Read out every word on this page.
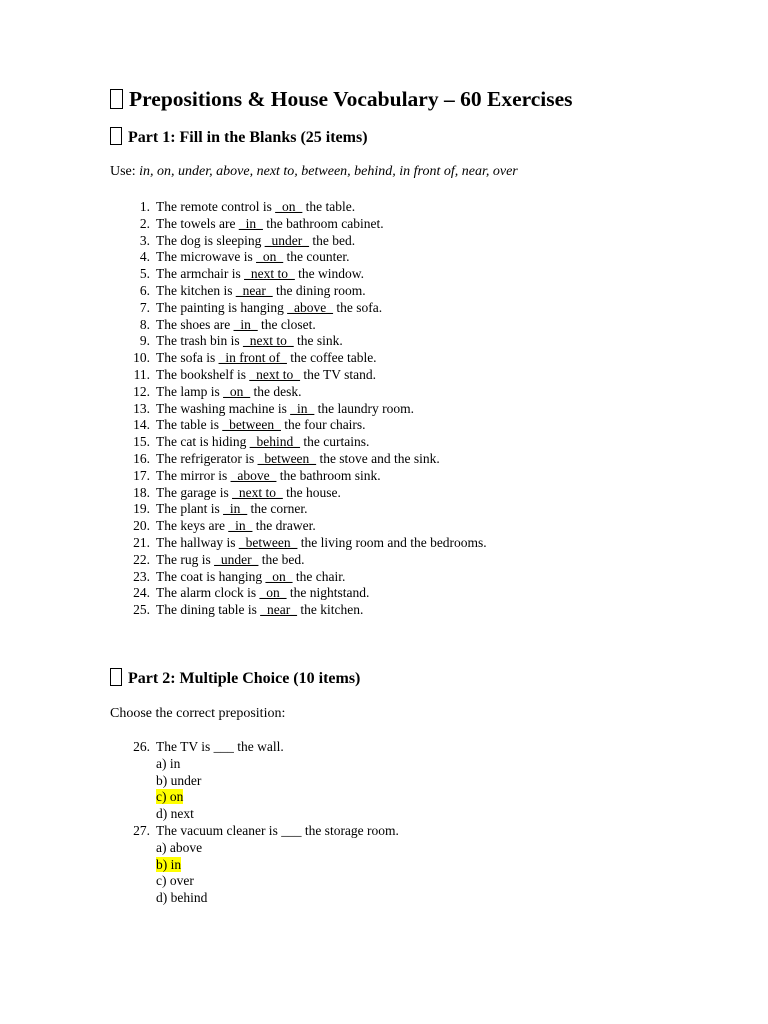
Prepositions & House Vocabulary – 60 Exercises
Part 1: Fill in the Blanks (25 items)

Use: in, on, under, above, next to, between, behind, in front of, near, over

1. The remote control is _on_ the table.
2. The towels are _in_ the bathroom cabinet.
3. The dog is sleeping _under_ the bed.
4. The microwave is _on_ the counter.
5. The armchair is _next to_ the window.
6. The kitchen is _near_ the dining room.
7. The painting is hanging _above_ the sofa.
8. The shoes are _in_ the closet.
9. The trash bin is _next to_ the sink.
10. The sofa is _in front of_ the coffee table.
11. The bookshelf is _next to_ the TV stand.
12. The lamp is _on_ the desk.
13. The washing machine is _in_ the laundry room.
14. The table is _between_ the four chairs.
15. The cat is hiding _behind_ the curtains.
16. The refrigerator is _between_ the stove and the sink.
17. The mirror is _above_ the bathroom sink.
18. The garage is _next to_ the house.
19. The plant is _in_ the corner.
20. The keys are _in_ the drawer.
21. The hallway is _between_ the living room and the bedrooms.
22. The rug is _under_ the bed.
23. The coat is hanging _on_ the chair.
24. The alarm clock is _on_ the nightstand.
25. The dining table is _near_ the kitchen.
Part 2: Multiple Choice (10 items)

Choose the correct preposition:

26. The TV is ___ the wall.
a) in
b) under
c) on
d) next
27. The vacuum cleaner is ___ the storage room.
a) above
b) in
c) over
d) behind
